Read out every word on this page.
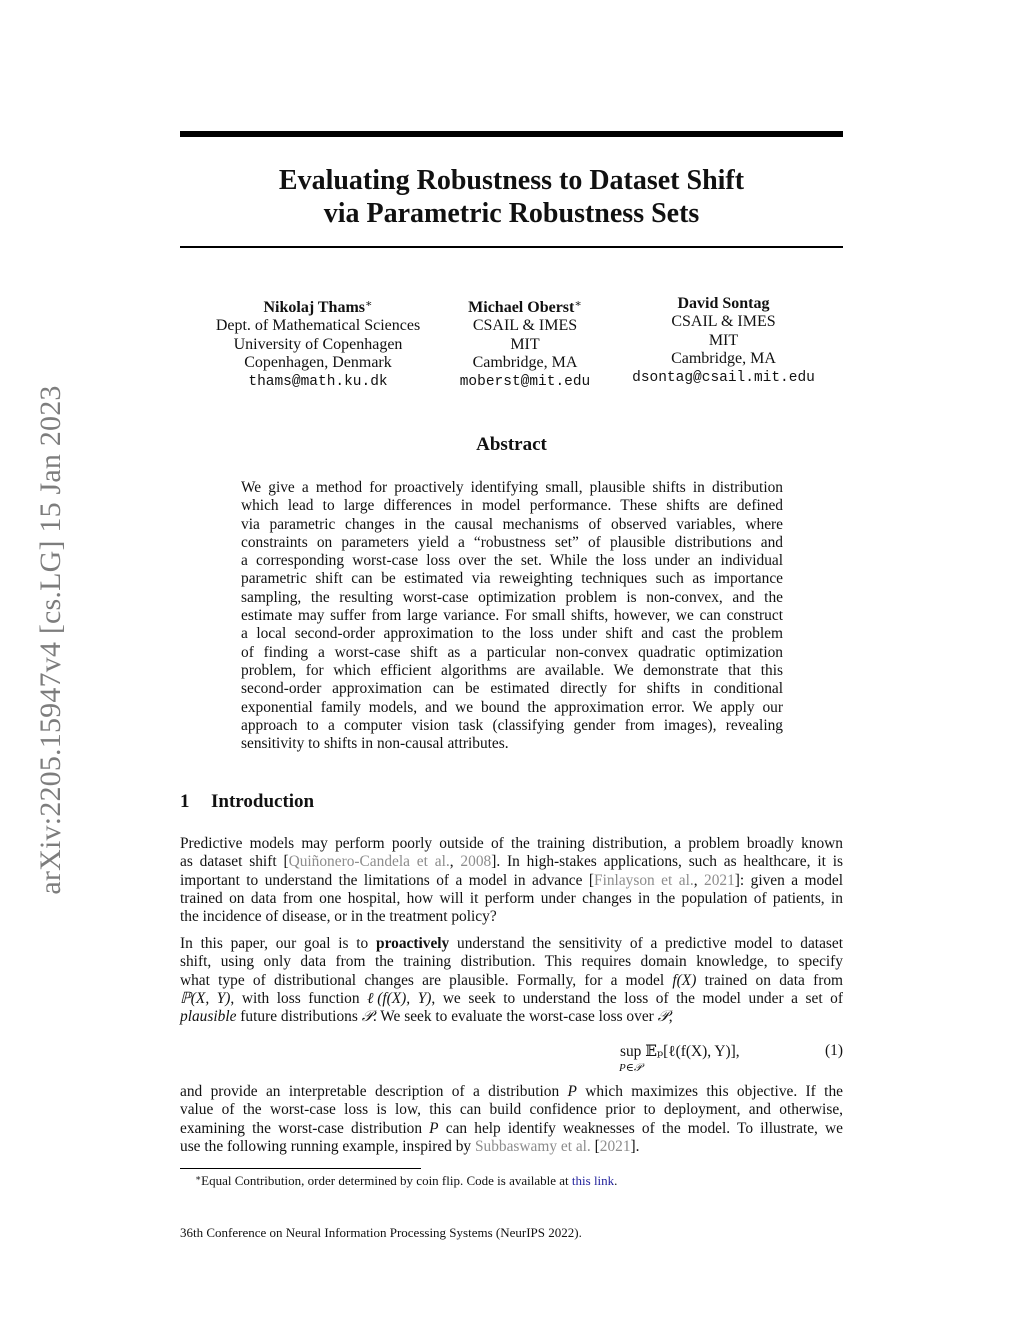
arXiv:2205.15947v4 [cs.LG] 15 Jan 2023
Evaluating Robustness to Dataset Shift
via Parametric Robustness Sets
Nikolaj Thams∗
Dept. of Mathematical Sciences
University of Copenhagen
Copenhagen, Denmark
thams@math.ku.dk
Michael Oberst∗
CSAIL & IMES
MIT
Cambridge, MA
moberst@mit.edu
David Sontag
CSAIL & IMES
MIT
Cambridge, MA
dsontag@csail.mit.edu
Abstract
We give a method for proactively identifying small, plausible shifts in distribution
which lead to large differences in model performance. These shifts are defined
via parametric changes in the causal mechanisms of observed variables, where
constraints on parameters yield a “robustness set” of plausible distributions and
a corresponding worst-case loss over the set. While the loss under an individual
parametric shift can be estimated via reweighting techniques such as importance
sampling, the resulting worst-case optimization problem is non-convex, and the
estimate may suffer from large variance. For small shifts, however, we can construct
a local second-order approximation to the loss under shift and cast the problem
of finding a worst-case shift as a particular non-convex quadratic optimization
problem, for which efficient algorithms are available. We demonstrate that this
second-order approximation can be estimated directly for shifts in conditional
exponential family models, and we bound the approximation error. We apply our
approach to a computer vision task (classifying gender from images), revealing
sensitivity to shifts in non-causal attributes.
1 Introduction
Predictive models may perform poorly outside of the training distribution, a problem broadly known
as dataset shift [Quiñonero-Candela et al., 2008]. In high-stakes applications, such as healthcare, it is
important to understand the limitations of a model in advance [Finlayson et al., 2021]: given a model
trained on data from one hospital, how will it perform under changes in the population of patients, in
the incidence of disease, or in the treatment policy?
In this paper, our goal is to proactively understand the sensitivity of a predictive model to dataset
shift, using only data from the training distribution. This requires domain knowledge, to specify
what type of distributional changes are plausible. Formally, for a model f(X) trained on data from
ℙ(X, Y), with loss function ℓ(f(X), Y), we seek to understand the loss of the model under a set of
plausible future distributions 𝒫. We seek to evaluate the worst-case loss over 𝒫,
sup 𝔼ₚ[ℓ(f(X), Y)],
P∈𝒫
(1)
and provide an interpretable description of a distribution P which maximizes this objective. If the
value of the worst-case loss is low, this can build confidence prior to deployment, and otherwise,
examining the worst-case distribution P can help identify weaknesses of the model. To illustrate, we
use the following running example, inspired by Subbaswamy et al. [2021].
∗Equal Contribution, order determined by coin flip. Code is available at this link.
36th Conference on Neural Information Processing Systems (NeurIPS 2022).
